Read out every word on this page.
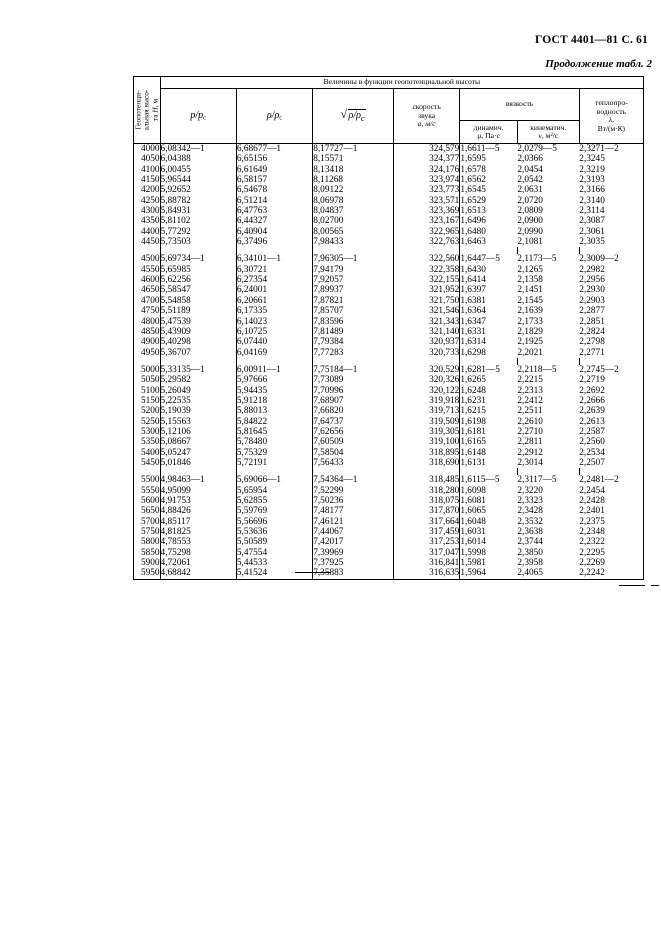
ГОСТ 4401—81 С. 61
Продолжение табл. 2
Геопотенци- альная высо- та H, м	Величины в функции геопотенциальной высоты						
	$p/p_c$	$\rho/\rho_c$	√ $\rho/\rho_c$	скорость
звука
a, м/с	вязкость		теплопро-
водность
λ,
Вт/(м·К)
					динамич.
μ, Па·с	кинематич.
ν, м²/с	
4000	6,08342—1	6,68677—1	8,17727—1	324,579	1,6611—5	2,0279—5	2,3271—2
4050	6,04388	6,65156	8,15571	324,377	1,6595	2,0366	2,3245
4100	6,00455	6,61649	8,13418	324,176	1,6578	2,0454	2,3219
4150	5,96544	6,58157	8,11268	323,974	1,6562	2,0542	2,3193
4200	5,92652	6,54678	8,09122	323,773	1,6545	2,0631	2,3166
4250	5,88782	6,51214	8,06978	323,571	1,6529	2,0720	2,3140
4300	5,84931	6,47763	8,04837	323,369	1,6513	2,0809	2,3114
4350	5,81102	6,44327	8,02700	323,167	1,6496	2,0900	2,3087
4400	5,77292	6,40904	8,00565	322,965	1,6480	2,0990	2,3061
4450	5,73503	6,37496	7,98433	322,763	1,6463	2,1081	2,3035

4500	5,69734—1	6,34101—1	7,96305—1	322,560	1,6447—5	2,1173—5	2,3009—2
4550	5,65985	6,30721	7,94179	322,358	1,6430	2,1265	2,2982
4600	5,62256	6,27354	7,92057	322,155	1,6414	2,1358	2,2956
4650	5,58547	6,24001	7,89937	321,952	1,6397	2,1451	2,2930
4700	5,54858	6,20661	7,87821	321,750	1,6381	2,1545	2,2903
4750	5,51189	6,17335	7,85707	321,546	1,6364	2,1639	2,2877
4800	5,47539	6,14023	7,83596	321,343	1,6347	2,1733	2,2851
4850	5,43909	6,10725	7,81489	321,140	1,6331	2,1829	2,2824
4900	5,40298	6,07440	7,79384	320,937	1,6314	2,1925	2,2798
4950	5,36707	6,04169	7,77283	320,733	1,6298	2,2021	2,2771

5000	5,33135—1	6,00911—1	7,75184—1	320,529	1,6281—5	2,2118—5	2,2745—2
5050	5,29582	5,97666	7,73089	320,326	1,6265	2,2215	2,2719
5100	5,26049	5,94435	7,70996	320,122	1,6248	2,2313	2,2692
5150	5,22535	5,91218	7,68907	319,918	1,6231	2,2412	2,2666
5200	5,19039	5,88013	7,66820	319,713	1,6215	2,2511	2,2639
5250	5,15563	5,84822	7,64737	319,509	1,6198	2,2610	2,2613
5300	5,12106	5,81645	7,62656	319,305	1,6181	2,2710	2,2587
5350	5,08667	5,78480	7,60509	319,100	1,6165	2,2811	2,2560
5400	5,05247	5,75329	7,58504	318,895	1,6148	2,2912	2,2534
5450	5,01846	5,72191	7,56433	318,690	1,6131	2,3014	2,2507

5500	4,98463—1	5,69066—1	7,54364—1	318,485	1,6115—5	2,3117—5	2,2481—2
5550	4,95099	5,65954	7,52299	318,280	1,6098	2,3220	2,2454
5600	4,91753	5,62855	7,50236	318,075	1,6081	2,3323	2,2428
5650	4,88426	5,59769	7,48177	317,870	1,6065	2,3428	2,2401
5700	4,85117	5,56696	7,46121	317,664	1,6048	2,3532	2,2375
5750	4,81825	5,53636	7,44067	317,459	1,6031	2,3638	2,2348
5800	4,78553	5,50589	7,42017	317,253	1,6014	2,3744	2,2322
5850	4,75298	5,47554	7,39969	317,047	1,5998	2,3850	2,2295
5900	4,72061	5,44533	7,37925	316,841	1,5981	2,3958	2,2269
5950	4,68842	5,41524	7,35883	316,635	1,5964	2,4065	2,2242
